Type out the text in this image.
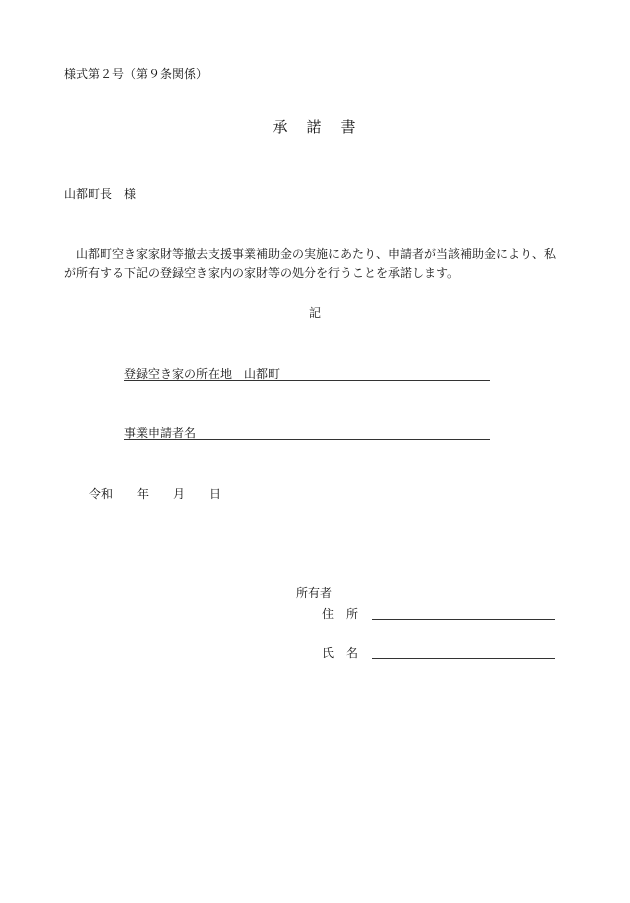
様式第２号（第９条関係）
承　諾　書
山都町長　様
　山都町空き家家財等撤去支援事業補助金の実施にあたり、申請者が当該補助金により、私
が所有する下記の登録空き家内の家財等の処分を行うことを承諾します。
記
登録空き家の所在地　山都町
事業申請者名
令和　　年　　月　　日
所有者
住　所
氏　名
